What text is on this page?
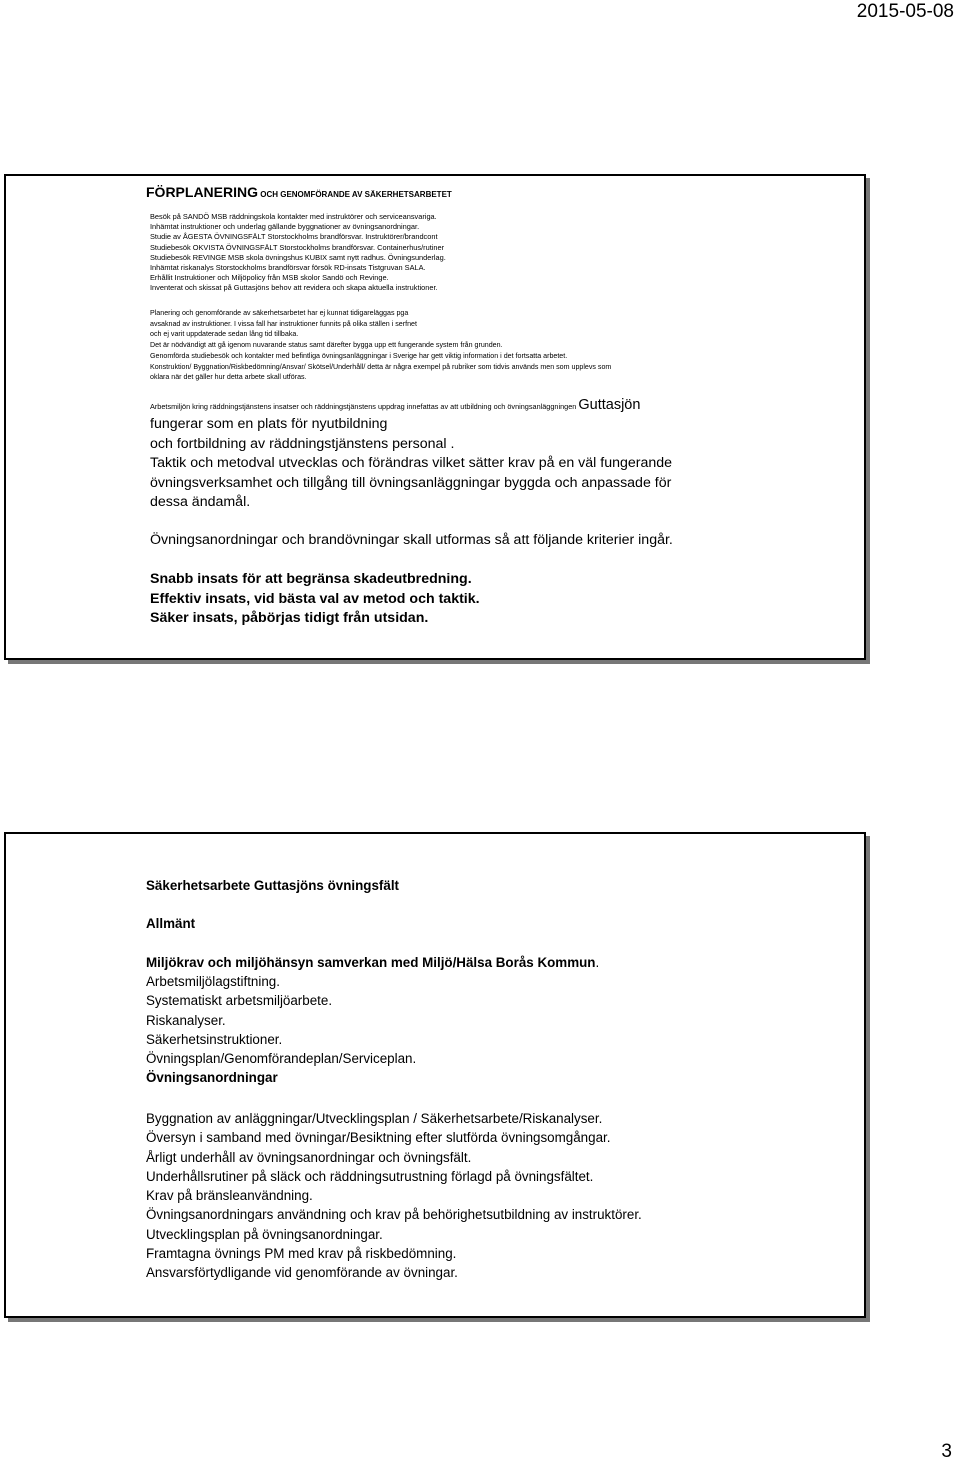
2015-05-08
FÖRPLANERING OCH GENOMFÖRANDE AV SÄKERHETSARBETET

Besök på SANDÖ MSB räddningskola kontakter med instruktörer och serviceansvariga.

Inhämtat instruktioner och underlag gällande byggnationer av övningsanordningar.

Studie av ÅGESTA ÖVNINGSFÄLT Storstockholms brandförsvar. Instruktörer/brandcont

Studiebesök OKVISTA ÖVNINGSFÄLT Storstockholms brandförsvar. Containerhus/rutiner

Studiebesök REVINGE MSB skola övningshus KUBIX samt nytt radhus. Övningsunderlag.

Inhämtat riskanalys Storstockholms brandförsvar försök RD-insats Tistgruvan SALA.

Erhållit Instruktioner och Miljöpolicy från MSB skolor Sandö och Revinge.

Inventerat och skissat på Guttasjöns behov att revidera och skapa aktuella instruktioner.

Planering och genomförande av säkerhetsarbetet har ej kunnat tidigareläggas pga

avsaknad av instruktioner. I vissa fall har instruktioner funnits på olika ställen i serfnet

och ej varit uppdaterade sedan lång tid tillbaka.

Det är nödvändigt att gå igenom nuvarande status samt därefter bygga upp ett fungerande system från grunden.

Genomförda studiebesök och kontakter med befintliga övningsanläggningar i Sverige har gett viktig information i det fortsatta arbetet.

Konstruktion/ Byggnation/Riskbedömning/Ansvar/ Skötsel/Underhåll/ detta är några exempel på rubriker som tidvis används men som upplevs som

oklara när det gäller hur detta arbete skall utföras.

Arbetsmiljön kring räddningstjänstens insatser och räddningstjänstens uppdrag innefattas av att utbildning och övningsanläggningen Guttasjön

fungerar som en plats för nyutbildning

och fortbildning av räddningstjänstens personal .

Taktik och metodval utvecklas och förändras vilket sätter krav på en väl fungerande

övningsverksamhet och tillgång till övningsanläggningar byggda och anpassade för

dessa ändamål.

Övningsanordningar och brandövningar skall utformas så att följande kriterier ingår.

Snabb insats för att begränsa skadeutbredning.

Effektiv insats, vid bästa val av metod och taktik.

Säker insats, påbörjas tidigt från utsidan.

Säkerhetsarbete Guttasjöns övningsfält
Allmänt
Miljökrav och miljöhänsyn samverkan med Miljö/Hälsa Borås Kommun.

Arbetsmiljölagstiftning.

Systematiskt arbetsmiljöarbete.

Riskanalyser.

Säkerhetsinstruktioner.

Övningsplan/Genomförandeplan/Serviceplan.

Övningsanordningar

Byggnation av anläggningar/Utvecklingsplan / Säkerhetsarbete/Riskanalyser.

Översyn i samband med övningar/Besiktning efter slutförda övningsomgångar.

Årligt underhåll av övningsanordningar och övningsfält.

Underhållsrutiner på släck och räddningsutrustning förlagd på övningsfältet.

Krav på bränsleanvändning.

Övningsanordningars användning och krav på behörighetsutbildning av instruktörer.

Utvecklingsplan på övningsanordningar.

Framtagna övnings PM med krav på riskbedömning.

Ansvarsförtydligande vid genomförande av övningar.

3
